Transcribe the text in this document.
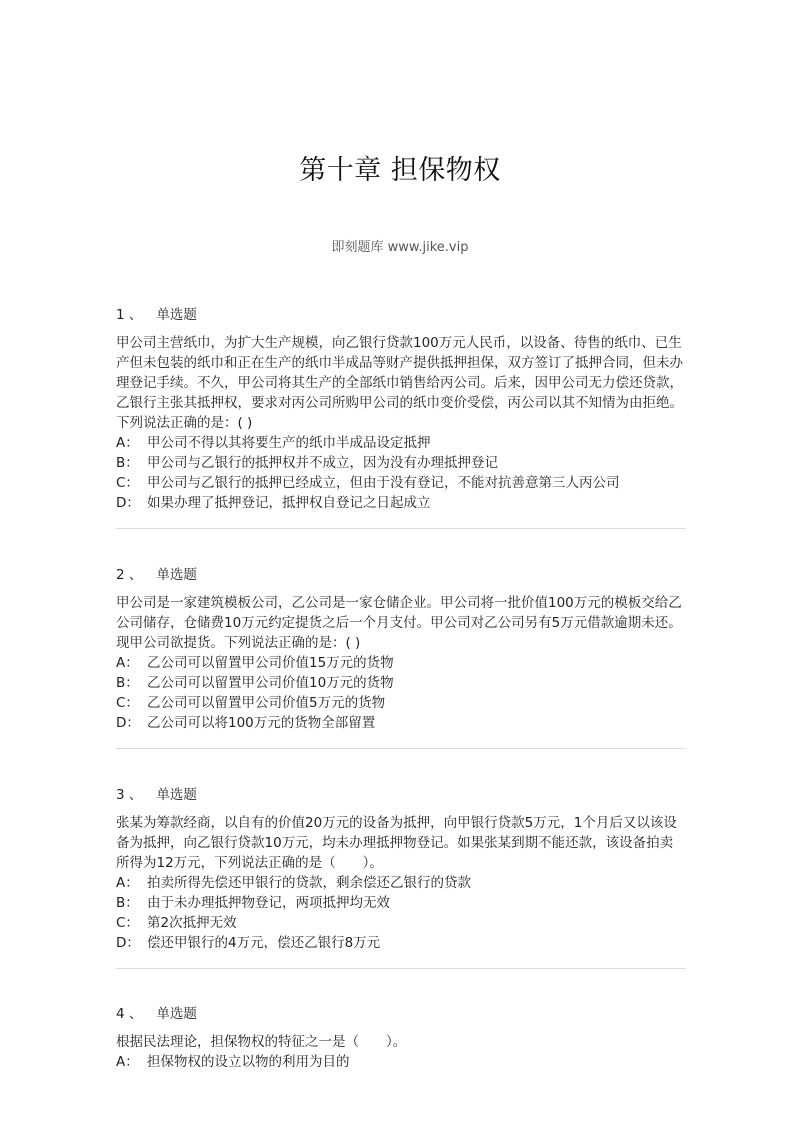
第十章 担保物权
即刻题库 www.jike.vip
1 、 单选题
甲公司主营纸巾，为扩大生产规模，向乙银行贷款100万元人民币，以设备、待售的纸巾、已生产但未包装的纸巾和正在生产的纸巾半成品等财产提供抵押担保，双方签订了抵押合同，但未办理登记手续。不久，甲公司将其生产的全部纸巾销售给丙公司。后来，因甲公司无力偿还贷款，乙银行主张其抵押权，要求对丙公司所购甲公司的纸巾变价受偿，丙公司以其不知情为由拒绝。下列说法正确的是：( )
A： 甲公司不得以其将要生产的纸巾半成品设定抵押
B： 甲公司与乙银行的抵押权并不成立，因为没有办理抵押登记
C： 甲公司与乙银行的抵押已经成立，但由于没有登记，不能对抗善意第三人丙公司
D： 如果办理了抵押登记，抵押权自登记之日起成立
2 、 单选题
甲公司是一家建筑模板公司，乙公司是一家仓储企业。甲公司将一批价值100万元的模板交给乙公司储存，仓储费10万元约定提货之后一个月支付。甲公司对乙公司另有5万元借款逾期未还。现甲公司欲提货。下列说法正确的是：( )
A： 乙公司可以留置甲公司价值15万元的货物
B： 乙公司可以留置甲公司价值10万元的货物
C： 乙公司可以留置甲公司价值5万元的货物
D： 乙公司可以将100万元的货物全部留置
3 、 单选题
张某为筹款经商，以自有的价值20万元的设备为抵押，向甲银行贷款5万元，1个月后又以该设备为抵押，向乙银行贷款10万元，均未办理抵押物登记。如果张某到期不能还款，该设备拍卖所得为12万元，下列说法正确的是（　　）。
A： 拍卖所得先偿还甲银行的贷款，剩余偿还乙银行的贷款
B： 由于未办理抵押物登记，两项抵押均无效
C： 第2次抵押无效
D： 偿还甲银行的4万元，偿还乙银行8万元
4 、 单选题
根据民法理论，担保物权的特征之一是（　　）。
A： 担保物权的设立以物的利用为目的
